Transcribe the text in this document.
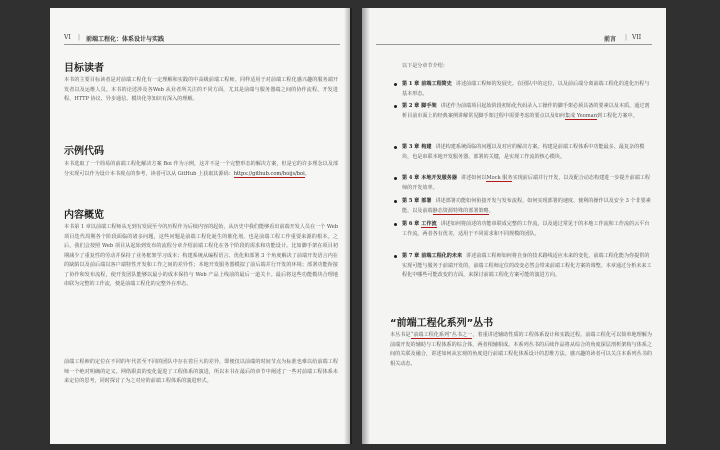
VI | 前端工程化：体系设计与实践
目标读者
本书的主要目标读者是对前端工程化有一定理解和实践的中高级前端工程师。同样适用于对前端工程化感兴趣的服务端开发者以及运维人员。本书的论述涉及各Web 从业者所关注的不同方面，尤其是前端与服务器端之间的协作流程、开发进程、HTTP 协议、异步通信、模块化等知识有深入的理解。
示例代码
本书选取了一个简易的前端工程化解决方案 Boi 作为示例，这并不是一个完整形态的解决方案，但是它的许多理念以及部分实现可以作为设计本书观点的参考，读者可以从 GitHub 上获取其源码：https://github.com/boijs/boi。
内容概览
本书第 1 章以前端工程师从无到有发展至今的历程作为后续内容的起始，从历史中我们能够看出前端开发人员在一个 Web 项目迭代周期各个阶段面临的诸多问题，这些问题是前端工程化诞生的催化剂，也是前端工程工作重要来源的根本。之后，我们会按照 Web 项目从起始到发布的流程分章介绍前端工程化在各个阶段的需求和功能设计。比如脚手架在项目初期减少了重复性的劳动并保持了业务框架学习成本；构建系统从编程语言、优化和部署 3 个角度解决了前端开发语言内在的缺陷以及前后端以客户端特性开发和工作之间的差异性；本地开发服务器模拟了前后端并行开发的环境；部署功能衔接了协作和发布流程，使开发团队能够以最小的成本保持与 Web 产品上线前的最后一道关卡。最后将这些功能模块合理地串联为完整的工作流，便是前端工程化的完整外在形态。
前端工程师的定位在不同的年代甚至不同的团队中存在着巨大的差异，即便仅以前端的时间节点为标准也难以给前端工程师一个绝对明确的定义。网络职责的变化促进了工程体系的演进，所以本书在最后的章节中阐述了一些对前端工程体系未来定位的思考，同时探讨了为之对应的前端工程体系的演进形式。
前言 | VII
以下是分章节介绍：
第 1 章 前端工程简史 讲述前端工程师的发展史。在团队中的定位，以及前后端分离前端工程化的进化历程与基本形态。
第 2 章 脚手架 讲述作为前端项目起始阶段初始化代码录入工操作的脚手架必须具备的要素以及本质。通过剖析目前市面上的经典案例讲解常见脚手架过程中需要考虑的要点以及如何集成 Yeoman到工程化方案中。
第 3 章 构建 讲述构建系统面临的问题以及对应的解决方案。构建是前端工程体系中功能最多、最复杂的模块，也是串联本地开发服务器、部署的关键，是实现工作流的核心模块。
第 4 章 本地开发服务器 讲述如何以Mock 服务实现前后端并行开发，以及配合动态构建进一步提升前端工程师的开发效率。
第 5 章 部署 讲述部署功能如何衔接开发与发布流程，如何实现部署的速度、便利的操作以及安全 3 个非要素能，以及前端静态资源特殊的部署策略。
第 6 章 工作流 讲述如何将前述的功能串联成完整的工作流，以及通过常见于的本地工作流和工作流的云平台工作流，两者各有优劣，适用于不同需求和不同规模的团队。
第 7 章 前端工程化的未来 讲述前端工程师如何将自身的技术路线适应未来的变化，前端工程化能为你提供的实现可能与服务于前端开发的，前端工程师定位的改变必然会带来前端工程化方案的调整。本章通过分析未来工程化中哪些可能改变的方面，来探讨前端工程化方案可能的演进方向。
“前端工程化系列”丛书
本丛书是“前端工程化系列”丛书之一，着重讲述辅助性质的工程体系设计和实践过程。前端工程化可以简单地理解为前端开发的辅助与工程体系的综合体，两者相辅相成。本系列丛书的后续作品将从综合的角度深层剖析架构与体系之间的关联及融合，讲述如何从宏观的角度进行前端工程化体系设计的思维方法。感兴趣的读者可以关注本系列丛书的相关动态。
